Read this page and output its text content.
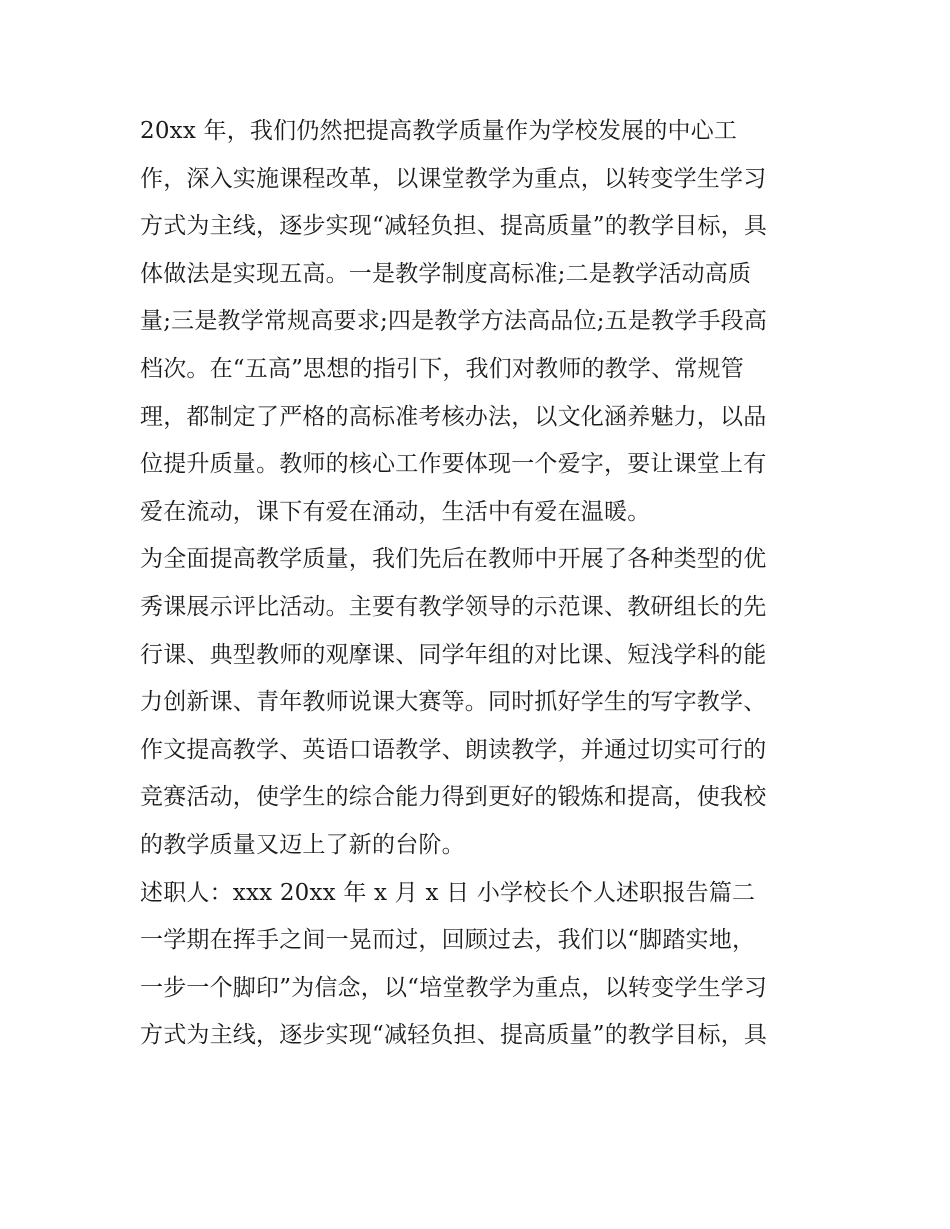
20xx 年，我们仍然把提高教学质量作为学校发展的中心工
作，深入实施课程改革，以课堂教学为重点，以转变学生学习
方式为主线，逐步实现“减轻负担、提高质量”的教学目标，具
体做法是实现五高。一是教学制度高标准;二是教学活动高质
量;三是教学常规高要求;四是教学方法高品位;五是教学手段高
档次。在“五高”思想的指引下，我们对教师的教学、常规管
理，都制定了严格的高标准考核办法，以文化涵养魅力，以品
位提升质量。教师的核心工作要体现一个爱字，要让课堂上有
爱在流动，课下有爱在涌动，生活中有爱在温暖。
为全面提高教学质量，我们先后在教师中开展了各种类型的优
秀课展示评比活动。主要有教学领导的示范课、教研组长的先
行课、典型教师的观摩课、同学年组的对比课、短浅学科的能
力创新课、青年教师说课大赛等。同时抓好学生的写字教学、
作文提高教学、英语口语教学、朗读教学，并通过切实可行的
竞赛活动，使学生的综合能力得到更好的锻炼和提高，使我校
的教学质量又迈上了新的台阶。
述职人：xxx 20xx 年 x 月 x 日 小学校长个人述职报告篇二
一学期在挥手之间一晃而过，回顾过去，我们以“脚踏实地，
一步一个脚印”为信念，以“培堂教学为重点，以转变学生学习
方式为主线，逐步实现“减轻负担、提高质量”的教学目标，具
